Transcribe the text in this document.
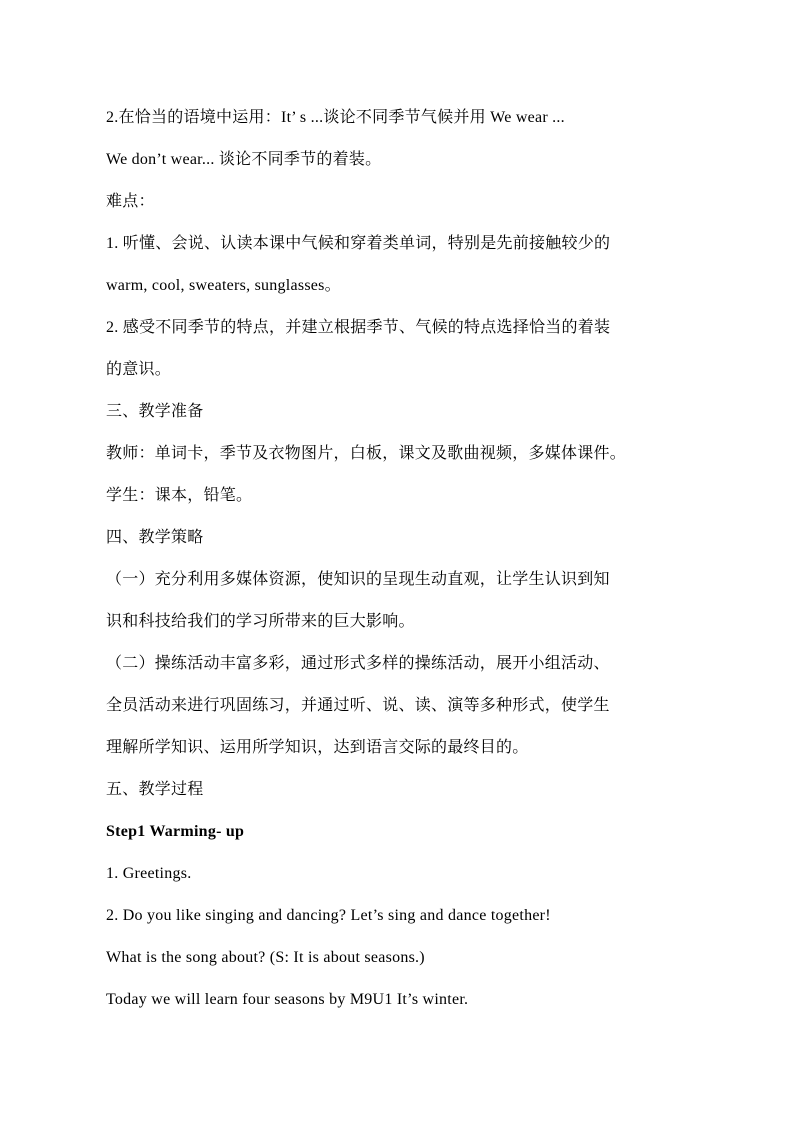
2.在恰当的语境中运用：It’ s ...谈论不同季节气候并用 We wear ...
We don’t wear... 谈论不同季节的着装。
难点：
1. 听懂、会说、认读本课中气候和穿着类单词，特别是先前接触较少的
warm, cool, sweaters, sunglasses。
2. 感受不同季节的特点，并建立根据季节、气候的特点选择恰当的着装
的意识。
三、教学准备
教师：单词卡，季节及衣物图片，白板，课文及歌曲视频，多媒体课件。
学生：课本，铅笔。
四、教学策略
（一）充分利用多媒体资源，使知识的呈现生动直观，让学生认识到知
识和科技给我们的学习所带来的巨大影响。
（二）操练活动丰富多彩，通过形式多样的操练活动，展开小组活动、
全员活动来进行巩固练习，并通过听、说、读、演等多种形式，使学生
理解所学知识、运用所学知识，达到语言交际的最终目的。
五、教学过程
Step1 Warming- up
1. Greetings.
2. Do you like singing and dancing? Let’s sing and dance together!
What is the song about? (S: It is about seasons.)
Today we will learn four seasons by M9U1 It’s winter.
